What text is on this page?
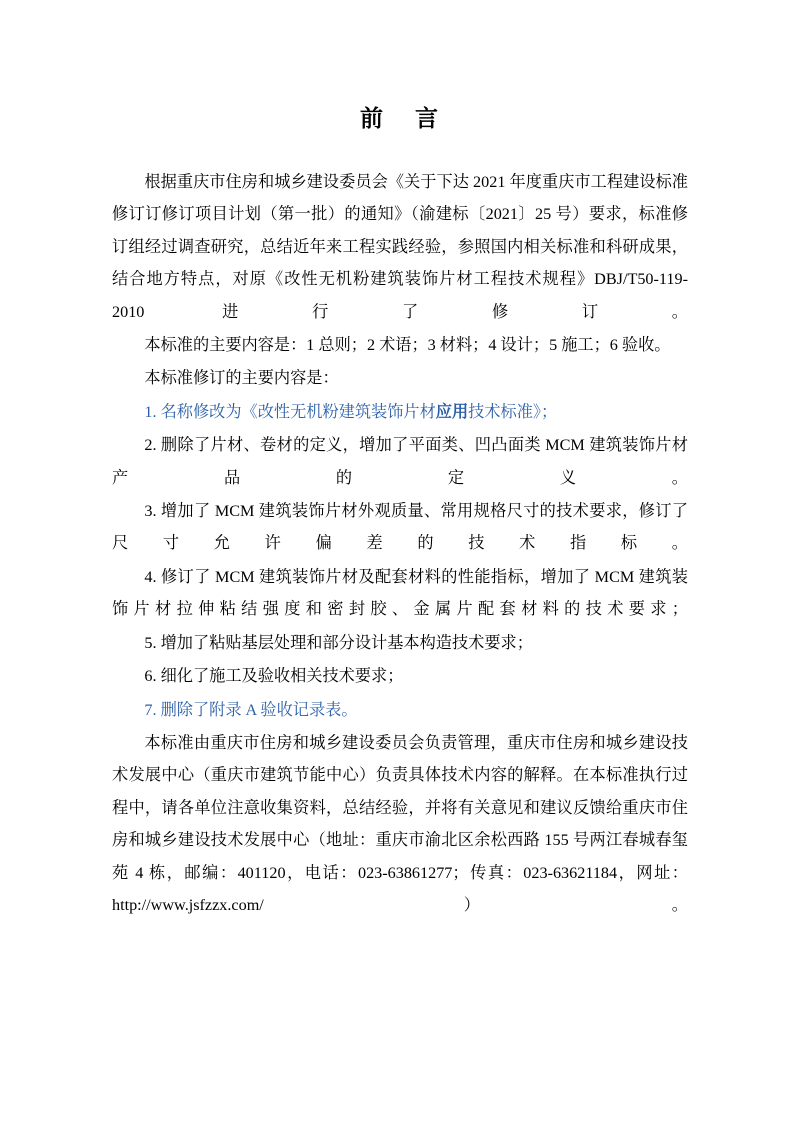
前 言

根据重庆市住房和城乡建设委员会《关于下达 2021 年度重庆市工程建设标准修订订修订项目计划（第一批）的通知》（渝建标〔2021〕25 号）要求，标准修订组经过调查研究，总结近年来工程实践经验，参照国内相关标准和科研成果，结合地方特点，对原《改性无机粉建筑装饰片材工程技术规程》DBJ/T50-119-2010 进行了修订。

本标准的主要内容是：1 总则；2 术语；3 材料；4 设计；5 施工；6 验收。

本标准修订的主要内容是：

1. 名称修改为《改性无机粉建筑装饰片材应用技术标准》；

2. 删除了片材、卷材的定义，增加了平面类、凹凸面类 MCM 建筑装饰片材产品的定义。

3. 增加了 MCM 建筑装饰片材外观质量、常用规格尺寸的技术要求，修订了尺寸允许偏差的技术指标。

4. 修订了 MCM 建筑装饰片材及配套材料的性能指标，增加了 MCM 建筑装饰片材拉伸粘结强度和密封胶、金属片配套材料的技术要求；

5. 增加了粘贴基层处理和部分设计基本构造技术要求；

6. 细化了施工及验收相关技术要求；

7. 删除了附录 A 验收记录表。

本标准由重庆市住房和城乡建设委员会负责管理，重庆市住房和城乡建设技术发展中心（重庆市建筑节能中心）负责具体技术内容的解释。在本标准执行过程中，请各单位注意收集资料，总结经验，并将有关意见和建议反馈给重庆市住房和城乡建设技术发展中心（地址：重庆市渝北区余松西路 155 号两江春城春玺苑 4 栋，邮编：401120，电话：023-63861277；传真：023-63621184，网址：http://www.jsfzzx.com/）。
